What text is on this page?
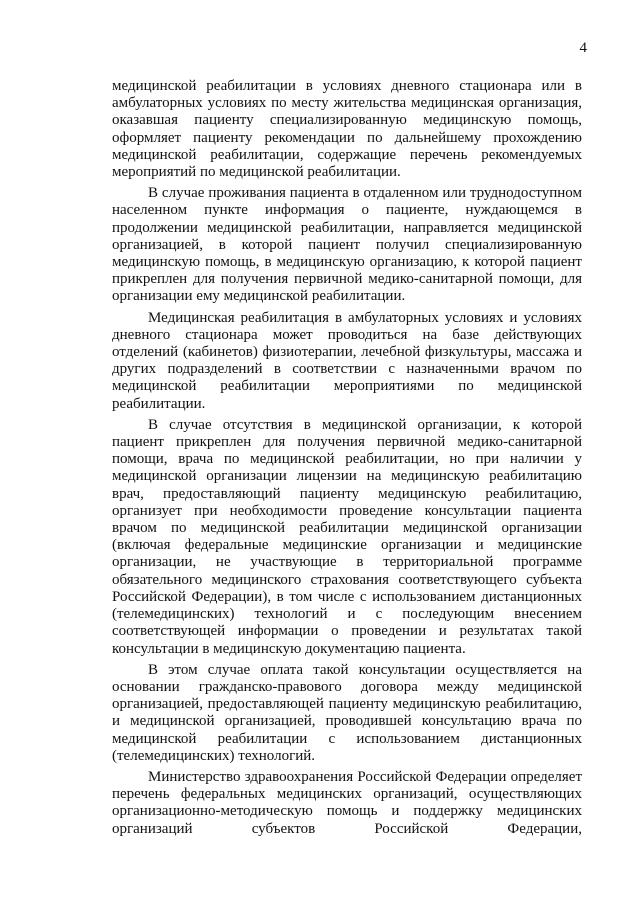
4

медицинской реабилитации в условиях дневного стационара или в амбулаторных условиях по месту жительства медицинская организация, оказавшая пациенту специализированную медицинскую помощь, оформляет пациенту рекомендации по дальнейшему прохождению медицинской реабилитации, содержащие перечень рекомендуемых мероприятий по медицинской реабилитации.

В случае проживания пациента в отдаленном или труднодоступном населенном пункте информация о пациенте, нуждающемся в продолжении медицинской реабилитации, направляется медицинской организацией, в которой пациент получил специализированную медицинскую помощь, в медицинскую организацию, к которой пациент прикреплен для получения первичной медико-санитарной помощи, для организации ему медицинской реабилитации.

Медицинская реабилитация в амбулаторных условиях и условиях дневного стационара может проводиться на базе действующих отделений (кабинетов) физиотерапии, лечебной физкультуры, массажа и других подразделений в соответствии с назначенными врачом по медицинской реабилитации мероприятиями по медицинской реабилитации.

В случае отсутствия в медицинской организации, к которой пациент прикреплен для получения первичной медико-санитарной помощи, врача по медицинской реабилитации, но при наличии у медицинской организации лицензии на медицинскую реабилитацию врач, предоставляющий пациенту медицинскую реабилитацию, организует при необходимости проведение консультации пациента врачом по медицинской реабилитации медицинской организации (включая федеральные медицинские организации и медицинские организации, не участвующие в территориальной программе обязательного медицинского страхования соответствующего субъекта Российской Федерации), в том числе с использованием дистанционных (телемедицинских) технологий и с последующим внесением соответствующей информации о проведении и результатах такой консультации в медицинскую документацию пациента.

В этом случае оплата такой консультации осуществляется на основании гражданско-правового договора между медицинской организацией, предоставляющей пациенту медицинскую реабилитацию, и медицинской организацией, проводившей консультацию врача по медицинской реабилитации с использованием дистанционных (телемедицинских) технологий.

Министерство здравоохранения Российской Федерации определяет перечень федеральных медицинских организаций, осуществляющих организационно-методическую помощь и поддержку медицинских организаций субъектов Российской Федерации,
